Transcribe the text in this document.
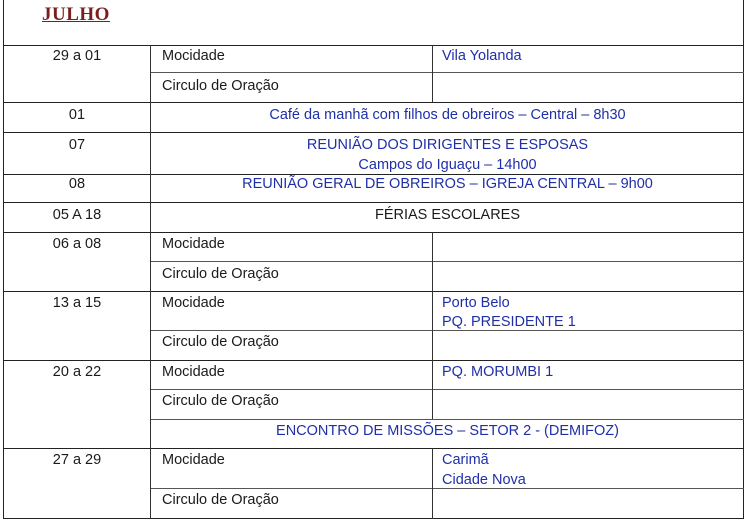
JULHO
29 a 01	Mocidade	Vila Yolanda
Circulo de Oração
01	Café da manhã com filhos de obreiros – Central – 8h30
07	REUNIÃO DOS DIRIGENTES E ESPOSAS
Campos do Iguaçu – 14h00
08	REUNIÃO GERAL DE OBREIROS – IGREJA CENTRAL – 9h00
05 A 18	FÉRIAS ESCOLARES
06 a 08	Mocidade
Circulo de Oração
13 a 15	Mocidade	Porto Belo
PQ. PRESIDENTE 1
Circulo de Oração
20 a 22	Mocidade	PQ. MORUMBI 1
Circulo de Oração
ENCONTRO DE MISSÕES – SETOR 2 - (DEMIFOZ)
27 a 29	Mocidade	Carimã
Cidade Nova
Circulo de Oração
